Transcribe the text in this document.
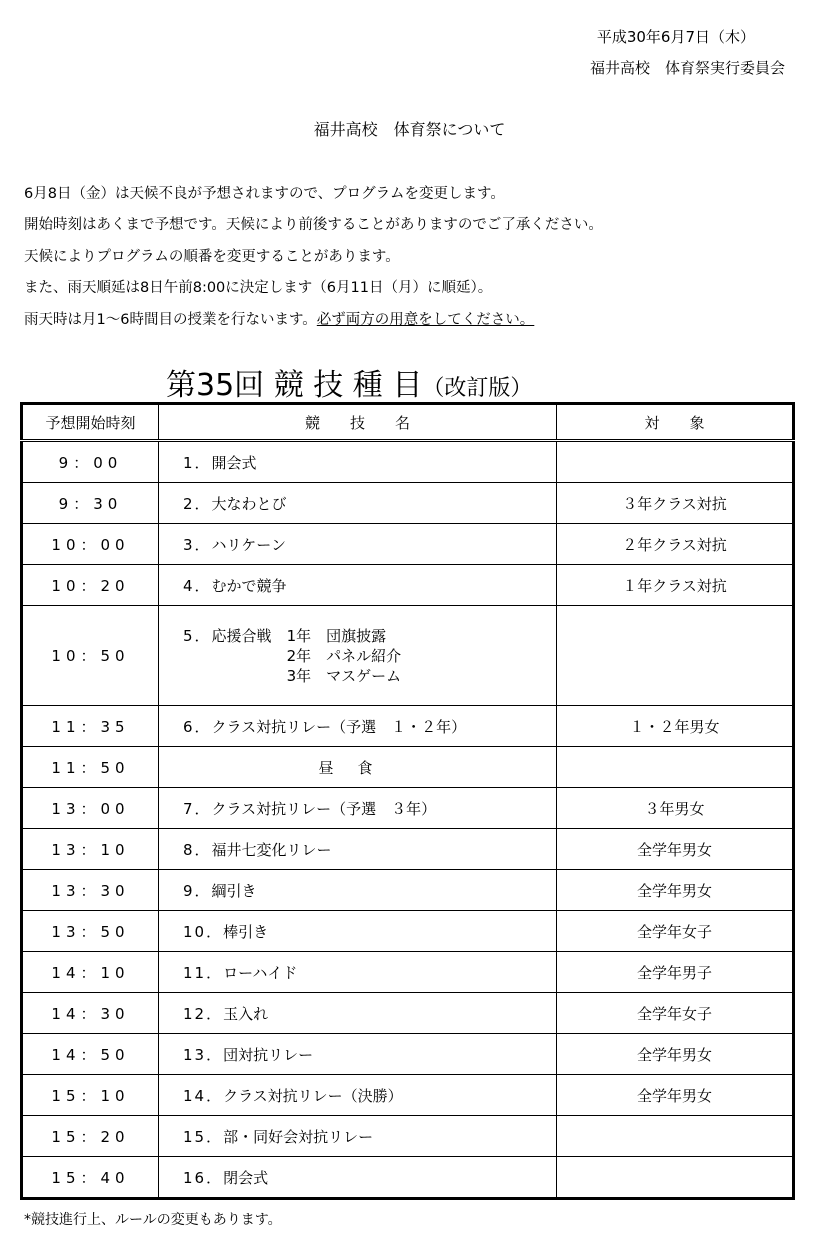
平成30年6月7日（木）
福井高校　体育祭実行委員会
福井高校　体育祭について
6月8日（金）は天候不良が予想されますので、プログラムを変更します。
開始時刻はあくまで予想です。天候により前後することがありますのでご了承ください。
天候によりプログラムの順番を変更することがあります。
また、雨天順延は8日午前8:00に決定します（6月11日（月）に順延）。
雨天時は月1～6時間目の授業を行ないます。必ず両方の用意をしてください。
第35回 競 技 種 目（改訂版）
予想開始時刻	競　　技　　名	対　　象
9：00	1．開会式	
9：30	2．大なわとび	３年クラス対抗
10：00	3．ハリケーン	２年クラス対抗
10：20	4．むかで競争	１年クラス対抗
10：50	5．応援合戦　 1年　団旗披露
2年　パネル紹介
3年　マスゲーム	

11：35	6．クラス対抗リレー（予選　１・２年）	１・２年男女
11：50	昼食	
13：00	7．クラス対抗リレー（予選　３年）	３年男女
13：10	8．福井七変化リレー	全学年男女
13：30	9．綱引き	全学年男女
13：50	10．棒引き	全学年女子
14：10	11．ローハイド	全学年男子
14：30	12．玉入れ	全学年女子
14：50	13．団対抗リレー	全学年男女
15：10	14．クラス対抗リレー（決勝）	全学年男女
15：20	15．部・同好会対抗リレー	
15：40	16．閉会式	
*競技進行上、ルールの変更もあります。
